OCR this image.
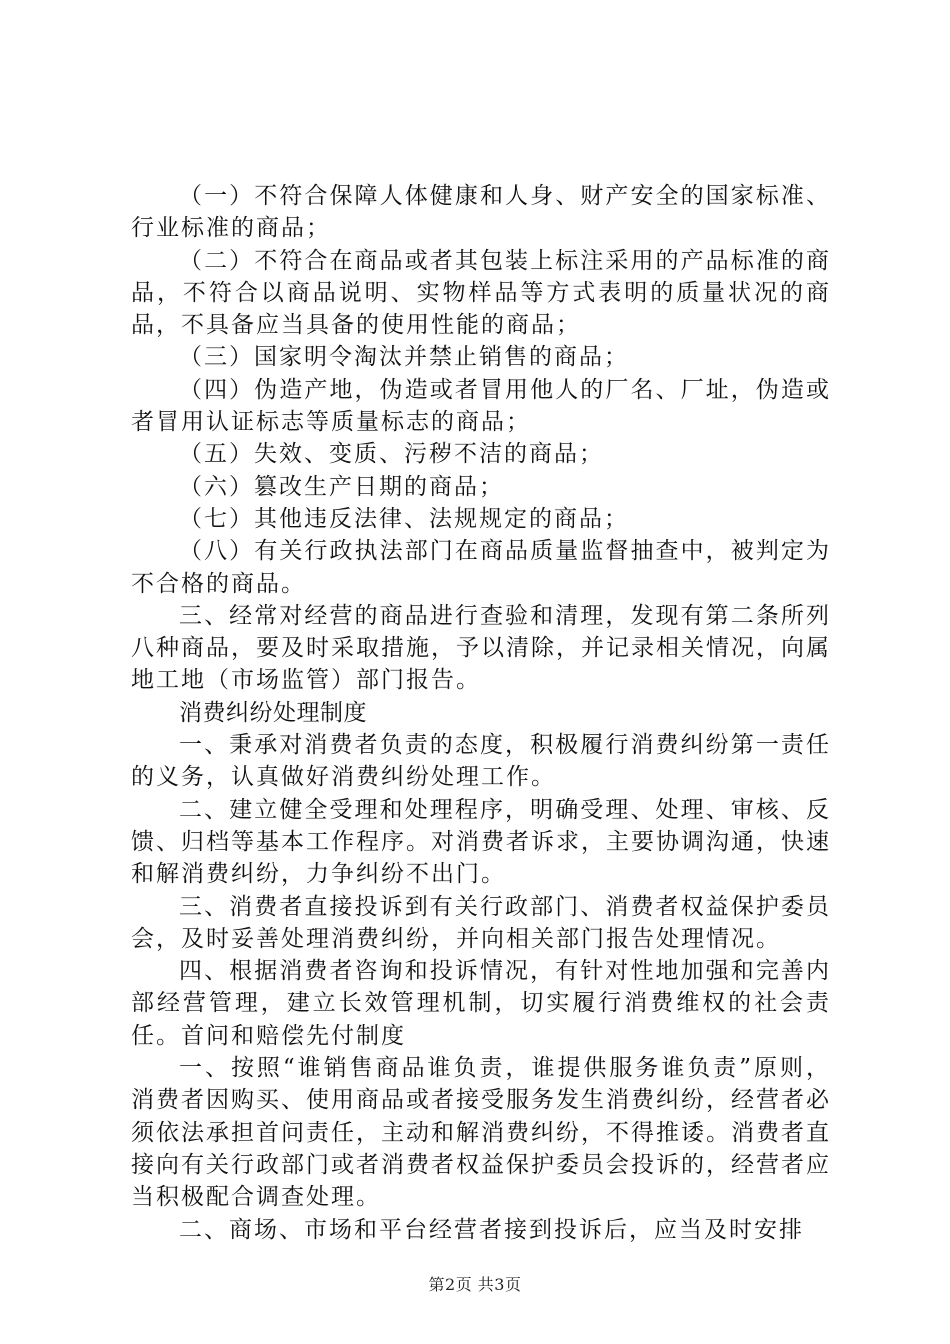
（一）不符合保障人体健康和人身、财产安全的国家标准、行业标准的商品；

（二）不符合在商品或者其包装上标注采用的产品标准的商品，不符合以商品说明、实物样品等方式表明的质量状况的商品，不具备应当具备的使用性能的商品；

（三）国家明令淘汰并禁止销售的商品；

（四）伪造产地，伪造或者冒用他人的厂名、厂址，伪造或者冒用认证标志等质量标志的商品；

（五）失效、变质、污秽不洁的商品；

（六）篡改生产日期的商品；

（七）其他违反法律、法规规定的商品；

（八）有关行政执法部门在商品质量监督抽查中，被判定为不合格的商品。

三、经常对经营的商品进行查验和清理，发现有第二条所列八种商品，要及时采取措施，予以清除，并记录相关情况，向属地工地（市场监管）部门报告。

消费纠纷处理制度

一、秉承对消费者负责的态度，积极履行消费纠纷第一责任的义务，认真做好消费纠纷处理工作。

二、建立健全受理和处理程序，明确受理、处理、审核、反馈、归档等基本工作程序。对消费者诉求，主要协调沟通，快速和解消费纠纷，力争纠纷不出门。

三、消费者直接投诉到有关行政部门、消费者权益保护委员会，及时妥善处理消费纠纷，并向相关部门报告处理情况。

四、根据消费者咨询和投诉情况，有针对性地加强和完善内部经营管理，建立长效管理机制，切实履行消费维权的社会责任。首问和赔偿先付制度

一、按照“谁销售商品谁负责，谁提供服务谁负责”原则，消费者因购买、使用商品或者接受服务发生消费纠纷，经营者必须依法承担首问责任，主动和解消费纠纷，不得推诿。消费者直接向有关行政部门或者消费者权益保护委员会投诉的，经营者应当积极配合调查处理。

二、商场、市场和平台经营者接到投诉后，应当及时安排

第2页 共3页
